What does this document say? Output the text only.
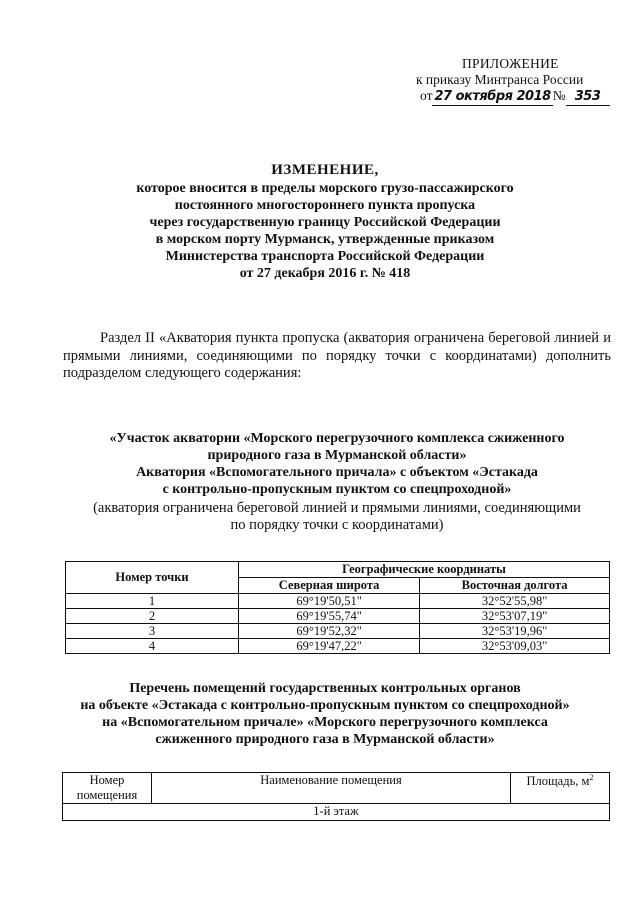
ПРИЛОЖЕНИЕ
к приказу Минтранса России
от 27 октября 2018 № 353
ИЗМЕНЕНИЕ,
которое вносится в пределы морского грузо-пассажирского
постоянного многостороннего пункта пропуска
через государственную границу Российской Федерации
в морском порту Мурманск, утвержденные приказом
Министерства транспорта Российской Федерации
от 27 декабря 2016 г. № 418
Раздел II «Акватория пункта пропуска (акватория ограничена береговой линией и прямыми линиями, соединяющими по порядку точки с координатами) дополнить подразделом следующего содержания:
«Участок акватории «Морского перегрузочного комплекса сжиженного
природного газа в Мурманской области»
Акватория «Вспомогательного причала» с объектом «Эстакада
с контрольно-пропускным пунктом со спецпроходной»
(акватория ограничена береговой линией и прямыми линиями, соединяющими
по порядку точки с координатами)
Номер точки	Географические координаты	
	Северная широта	Восточная долгота
1	69°19'50,51"	32°52'55,98"
2	69°19'55,74"	32°53'07,19"
3	69°19'52,32"	32°53'19,96"
4	69°19'47,22"	32°53'09,03"
Перечень помещений государственных контрольных органов
на объекте «Эстакада с контрольно-пропускным пунктом со спецпроходной»
на «Вспомогательном причале» «Морского перегрузочного комплекса
сжиженного природного газа в Мурманской области»
Номер
помещения	Наименование помещения	Площадь, $м^2$
1-й этаж
